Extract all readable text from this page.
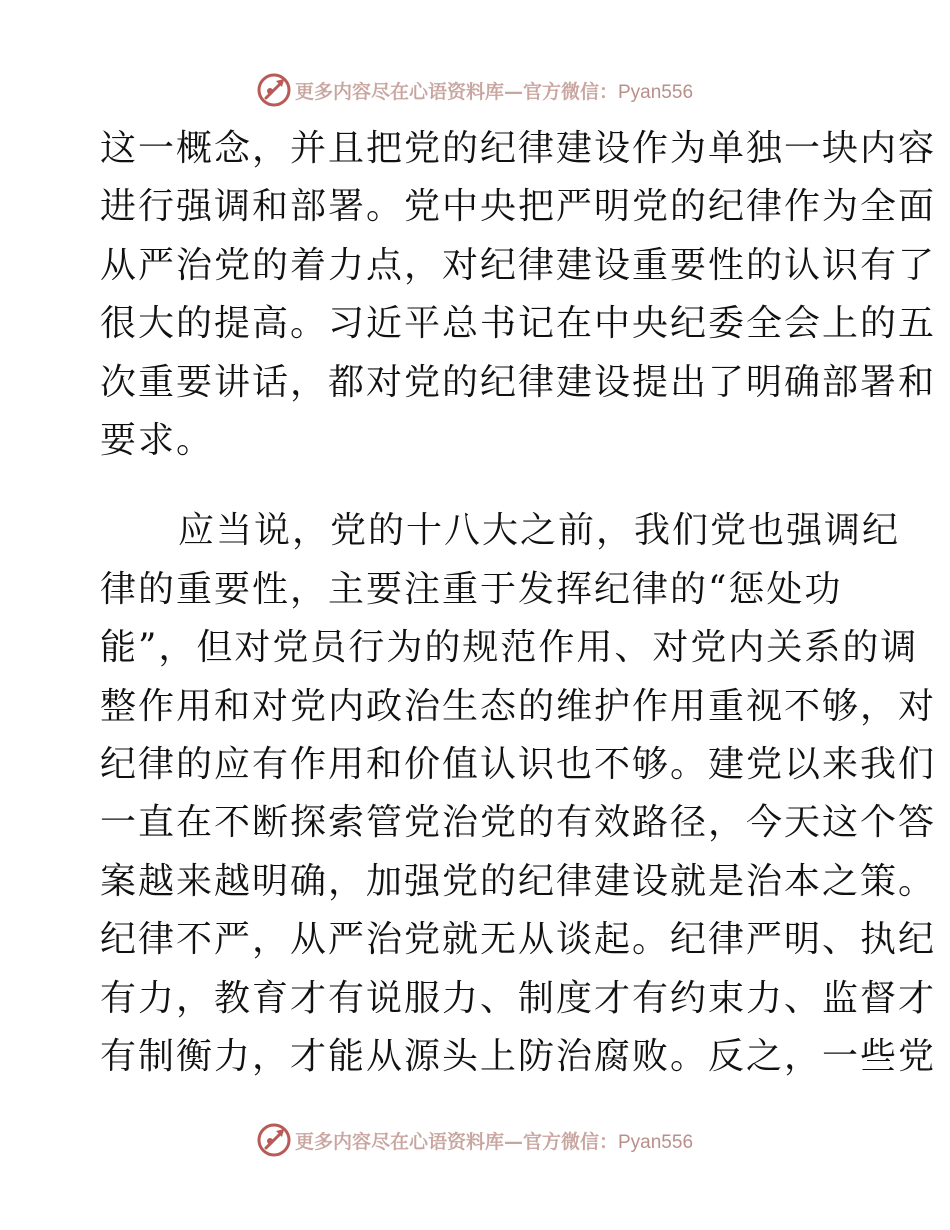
更多内容尽在心语资料库—官方微信：Pyan556

这一概念，并且把党的纪律建设作为单独一块内容
进行强调和部署。党中央把严明党的纪律作为全面
从严治党的着力点，对纪律建设重要性的认识有了
很大的提高。习近平总书记在中央纪委全会上的五
次重要讲话，都对党的纪律建设提出了明确部署和
要求。

应当说，党的十八大之前，我们党也强调纪
律的重要性，主要注重于发挥纪律的“惩处功
能”，但对党员行为的规范作用、对党内关系的调
整作用和对党内政治生态的维护作用重视不够，对
纪律的应有作用和价值认识也不够。建党以来我们
一直在不断探索管党治党的有效路径，今天这个答
案越来越明确，加强党的纪律建设就是治本之策。
纪律不严，从严治党就无从谈起。纪律严明、执纪
有力，教育才有说服力、制度才有约束力、监督才
有制衡力，才能从源头上防治腐败。反之，一些党

更多内容尽在心语资料库—官方微信：Pyan556
